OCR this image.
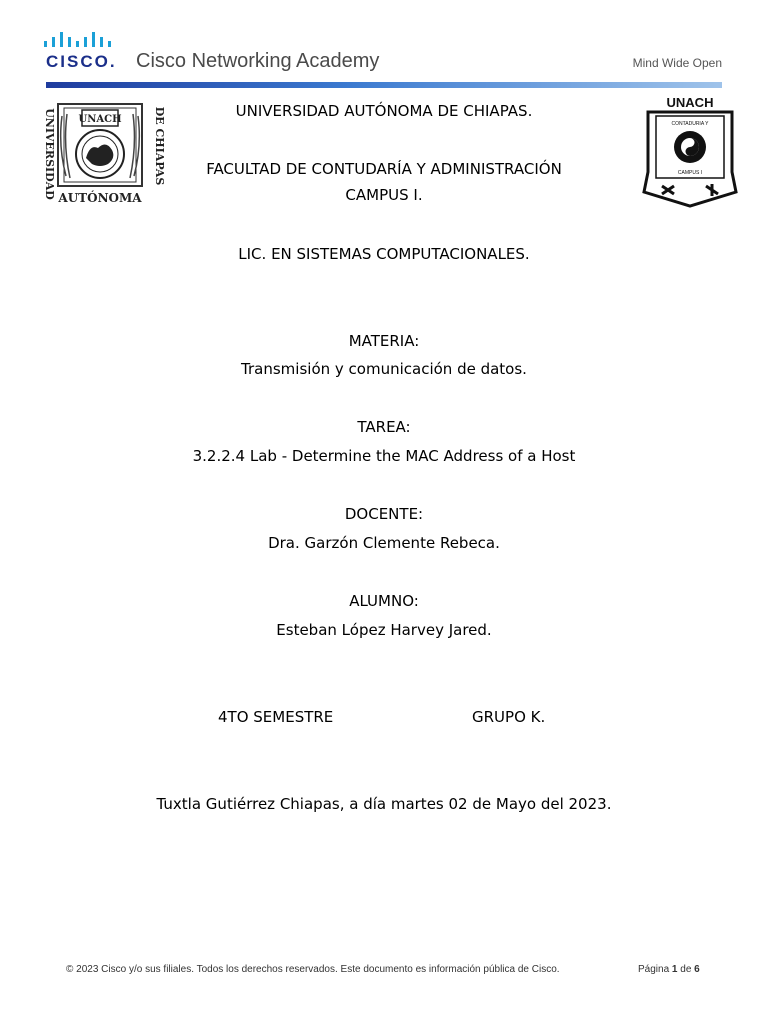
CISCO. Cisco Networking Academy	Mind Wide Open
UNIVERSIDAD	DE CHIAPAS
UNACH
AUTÓNOMA
UNACH
CONTADURIA Y
CAMPUS I
UNIVERSIDAD AUTÓNOMA DE CHIAPAS.
FACULTAD DE CONTUDARÍA Y ADMINISTRACIÓN
CAMPUS I.
LIC. EN SISTEMAS COMPUTACIONALES.
MATERIA:
Transmisión y comunicación de datos.
TAREA:
3.2.2.4 Lab - Determine the MAC Address of a Host
DOCENTE:
Dra. Garzón Clemente Rebeca.
ALUMNO:
Esteban López Harvey Jared.
4TO SEMESTRE	GRUPO K.
Tuxtla Gutiérrez Chiapas, a día martes 02 de Mayo del 2023.
© 2023 Cisco y/o sus filiales. Todos los derechos reservados. Este documento es información pública de Cisco.	Página 1 de 6
